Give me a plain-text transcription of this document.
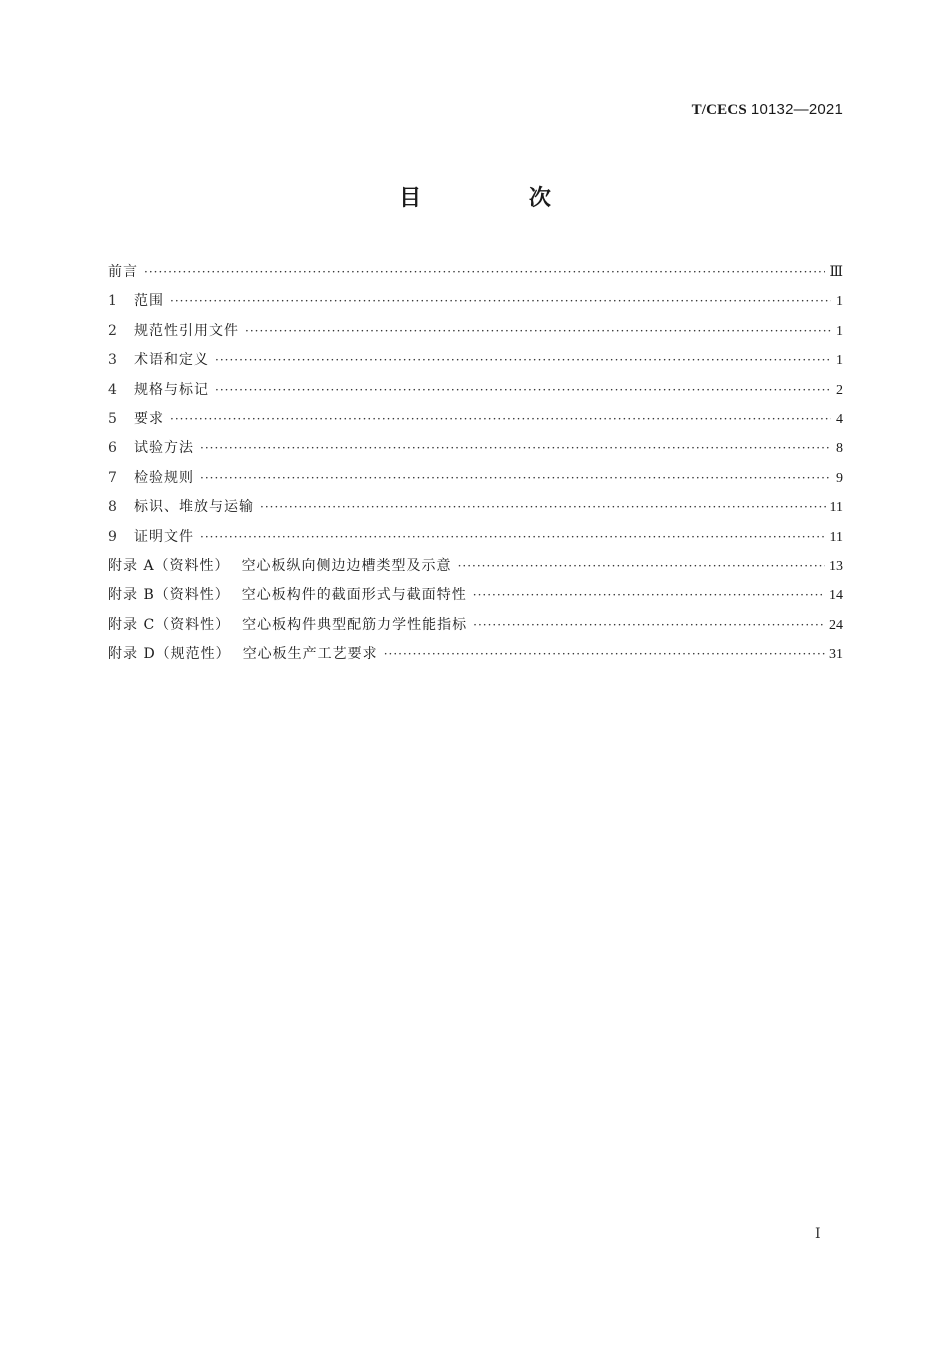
T/CECS 10132—2021
目 次
前言 ·····	Ⅲ
1	范围 ·····	1
2	规范性引用文件 ·····	1
3	术语和定义 ·····	1
4	规格与标记 ·····	2
5	要求 ·····	4
6	试验方法 ·····	8
7	检验规则 ·····	9
8	标识、堆放与运输 ·····	11
9	证明文件 ·····	11
附录 A（资料性） 空心板纵向侧边边槽类型及示意 ·····	13
附录 B（资料性） 空心板构件的截面形式与截面特性 ·····	14
附录 C（资料性） 空心板构件典型配筋力学性能指标 ·····	24
附录 D（规范性） 空心板生产工艺要求 ·····	31
Ⅰ
